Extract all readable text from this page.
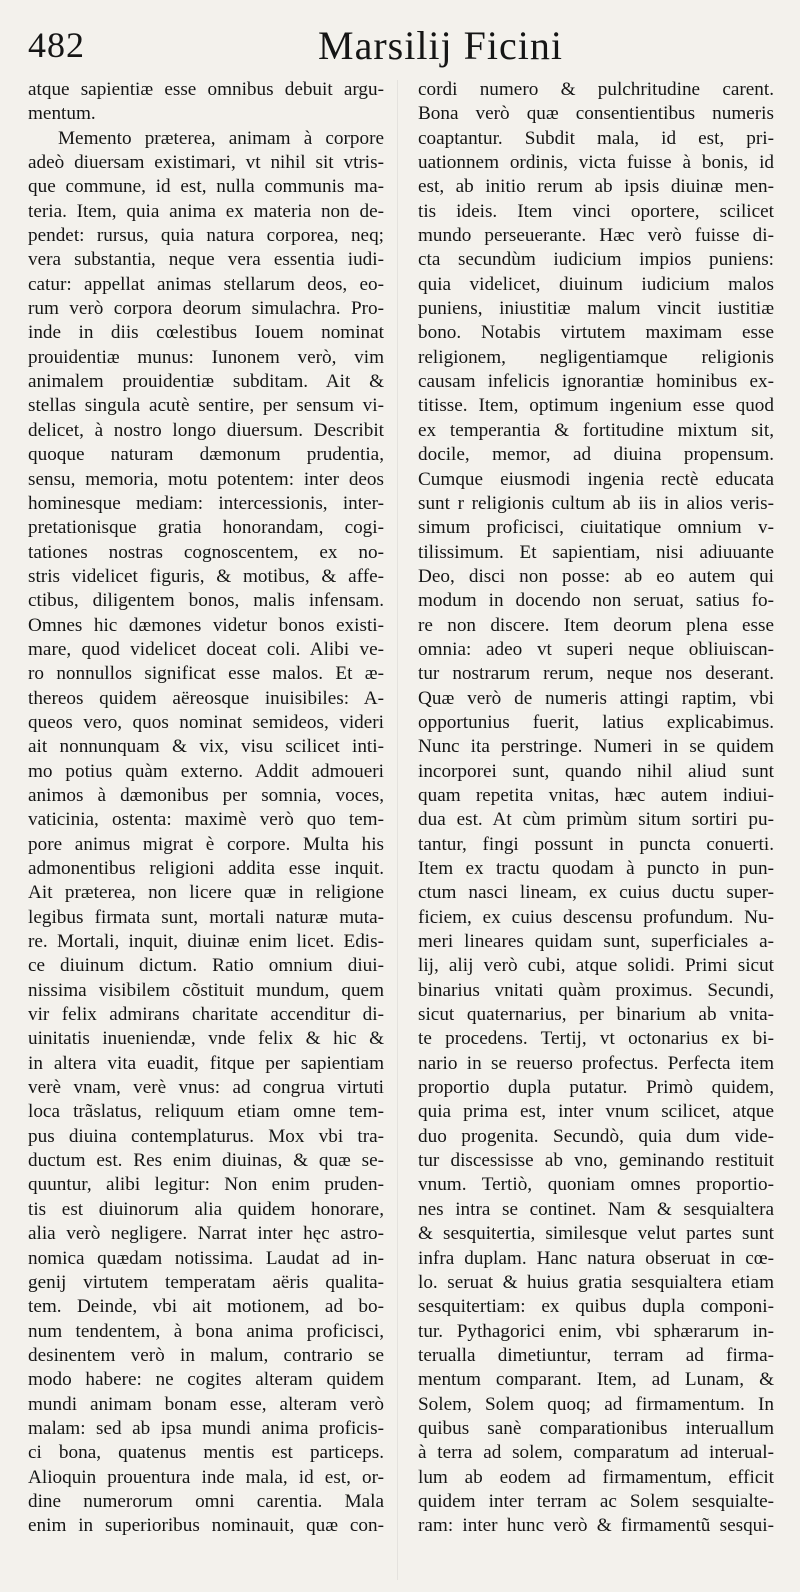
482	Marsilij Ficini
atque sapientiæ esse omnibus debuit argu-
mentum.
Memento præterea, animam à corpore
adeò diuersam existimari, vt nihil sit vtris-
que commune, id est, nulla communis ma-
teria. Item, quia anima ex materia non de-
pendet: rursus, quia natura corporea, neq;
vera substantia, neque vera essentia iudi-
catur: appellat animas stellarum deos, eo-
rum verò corpora deorum simulachra. Pro-
inde in diis cœlestibus Iouem nominat
prouidentiæ munus: Iunonem verò, vim
animalem prouidentiæ subditam. Ait &
stellas singula acutè sentire, per sensum vi-
delicet, à nostro longo diuersum. Describit
quoque naturam dæmonum prudentia,
sensu, memoria, motu potentem: inter deos
hominesque mediam: intercessionis, inter-
pretationisque gratia honorandam, cogi-
tationes nostras cognoscentem, ex no-
stris videlicet figuris, & motibus, & affe-
ctibus, diligentem bonos, malis infensam.
Omnes hic dæmones videtur bonos existi-
mare, quod videlicet doceat coli. Alibi ve-
ro nonnullos significat esse malos. Et æ-
thereos quidem aëreosque inuisibiles: A-
queos vero, quos nominat semideos, videri
ait nonnunquam & vix, visu scilicet inti-
mo potius quàm externo. Addit admoueri
animos à dæmonibus per somnia, voces,
vaticinia, ostenta: maximè verò quo tem-
pore animus migrat è corpore. Multa his
admonentibus religioni addita esse inquit.
Ait præterea, non licere quæ in religione
legibus firmata sunt, mortali naturæ muta-
re. Mortali, inquit, diuinæ enim licet. Edis-
ce diuinum dictum. Ratio omnium diui-
nissima visibilem cõstituit mundum, quem
vir felix admirans charitate accenditur di-
uinitatis inueniendæ, vnde felix & hic &
in altera vita euadit, fitque per sapientiam
verè vnam, verè vnus: ad congrua virtuti
loca trãslatus, reliquum etiam omne tem-
pus diuina contemplaturus. Mox vbi tra-
ductum est. Res enim diuinas, & quæ se-
quuntur, alibi legitur: Non enim pruden-
tis est diuinorum alia quidem honorare,
alia verò negligere. Narrat inter hęc astro-
nomica quædam notissima. Laudat ad in-
genij virtutem temperatam aëris qualita-
tem. Deinde, vbi ait motionem, ad bo-
num tendentem, à bona anima proficisci,
desinentem verò in malum, contrario se
modo habere: ne cogites alteram quidem
mundi animam bonam esse, alteram verò
malam: sed ab ipsa mundi anima proficis-
ci bona, quatenus mentis est particeps.
Alioquin prouentura inde mala, id est, or-
dine numerorum omni carentia. Mala
enim in superioribus nominauit, quæ con-
cordi numero & pulchritudine carent.
Bona verò quæ consentientibus numeris
coaptantur. Subdit mala, id est, pri-
uationnem ordinis, victa fuisse à bonis, id
est, ab initio rerum ab ipsis diuinæ men-
tis ideis. Item vinci oportere, scilicet
mundo perseuerante. Hæc verò fuisse di-
cta secundùm iudicium impios puniens:
quia videlicet, diuinum iudicium malos
puniens, iniustitiæ malum vincit iustitiæ
bono. Notabis virtutem maximam esse
religionem, negligentiamque religionis
causam infelicis ignorantiæ hominibus ex-
titisse. Item, optimum ingenium esse quod
ex temperantia & fortitudine mixtum sit,
docile, memor, ad diuina propensum.
Cumque eiusmodi ingenia rectè educata
sunt r religionis cultum ab iis in alios veris-
simum proficisci, ciuitatique omnium v-
tilissimum. Et sapientiam, nisi adiuuante
Deo, disci non posse: ab eo autem qui
modum in docendo non seruat, satius fo-
re non discere. Item deorum plena esse
omnia: adeo vt superi neque obliuiscan-
tur nostrarum rerum, neque nos deserant.
Quæ verò de numeris attingi raptim, vbi
opportunius fuerit, latius explicabimus.
Nunc ita perstringe. Numeri in se quidem
incorporei sunt, quando nihil aliud sunt
quam repetita vnitas, hæc autem indiui-
dua est. At cùm primùm situm sortiri pu-
tantur, fingi possunt in puncta conuerti.
Item ex tractu quodam à puncto in pun-
ctum nasci lineam, ex cuius ductu super-
ficiem, ex cuius descensu profundum. Nu-
meri lineares quidam sunt, superficiales a-
lij, alij verò cubi, atque solidi. Primi sicut
binarius vnitati quàm proximus. Secundi,
sicut quaternarius, per binarium ab vnita-
te procedens. Tertij, vt octonarius ex bi-
nario in se reuerso profectus. Perfecta item
proportio dupla putatur. Primò quidem,
quia prima est, inter vnum scilicet, atque
duo progenita. Secundò, quia dum vide-
tur discessisse ab vno, geminando restituit
vnum. Tertiò, quoniam omnes proportio-
nes intra se continet. Nam & sesquialtera
& sesquitertia, similesque velut partes sunt
infra duplam. Hanc natura obseruat in cœ-
lo. seruat & huius gratia sesquialtera etiam
sesquitertiam: ex quibus dupla componi-
tur. Pythagorici enim, vbi sphærarum in-
terualla dimetiuntur, terram ad firma-
mentum comparant. Item, ad Lunam, &
Solem, Solem quoq; ad firmamentum. In
quibus sanè comparationibus interuallum
à terra ad solem, comparatum ad interual-
lum ab eodem ad firmamentum, efficit
quidem inter terram ac Solem sesquialte-
ram: inter hunc verò & firmamentũ sesqui-
